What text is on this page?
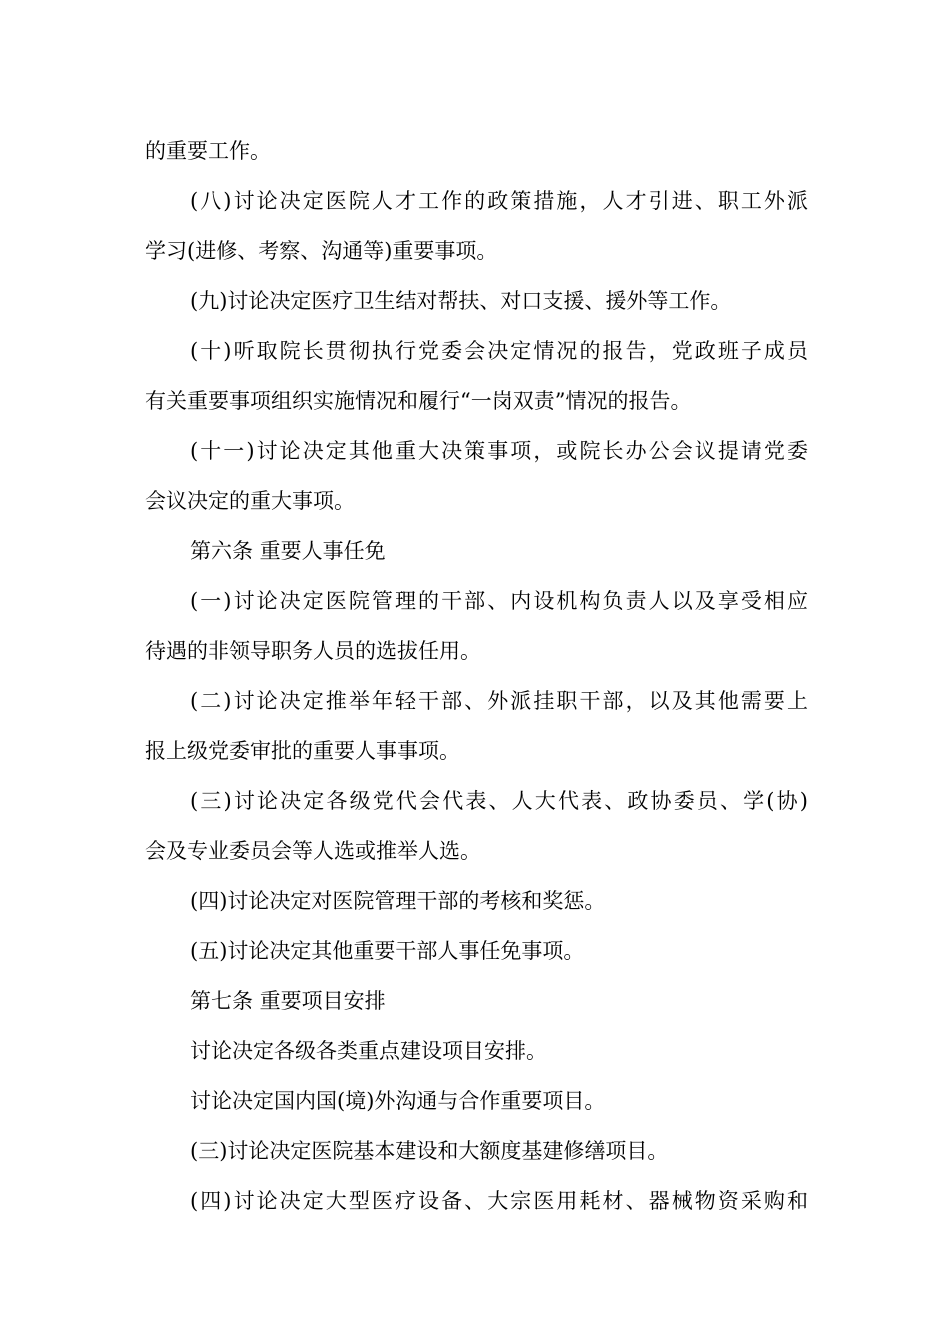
的重要工作。
(八)讨论决定医院人才工作的政策措施，人才引进、职工外派
学习(进修、考察、沟通等)重要事项。
(九)讨论决定医疗卫生结对帮扶、对口支援、援外等工作。
(十)听取院长贯彻执行党委会决定情况的报告，党政班子成员
有关重要事项组织实施情况和履行“一岗双责”情况的报告。
(十一)讨论决定其他重大决策事项，或院长办公会议提请党委
会议决定的重大事项。
第六条 重要人事任免
(一)讨论决定医院管理的干部、内设机构负责人以及享受相应
待遇的非领导职务人员的选拔任用。
(二)讨论决定推举年轻干部、外派挂职干部，以及其他需要上
报上级党委审批的重要人事事项。
(三)讨论决定各级党代会代表、人大代表、政协委员、学(协)
会及专业委员会等人选或推举人选。
(四)讨论决定对医院管理干部的考核和奖惩。
(五)讨论决定其他重要干部人事任免事项。
第七条 重要项目安排
讨论决定各级各类重点建设项目安排。
讨论决定国内国(境)外沟通与合作重要项目。
(三)讨论决定医院基本建设和大额度基建修缮项目。
(四)讨论决定大型医疗设备、大宗医用耗材、器械物资采购和
